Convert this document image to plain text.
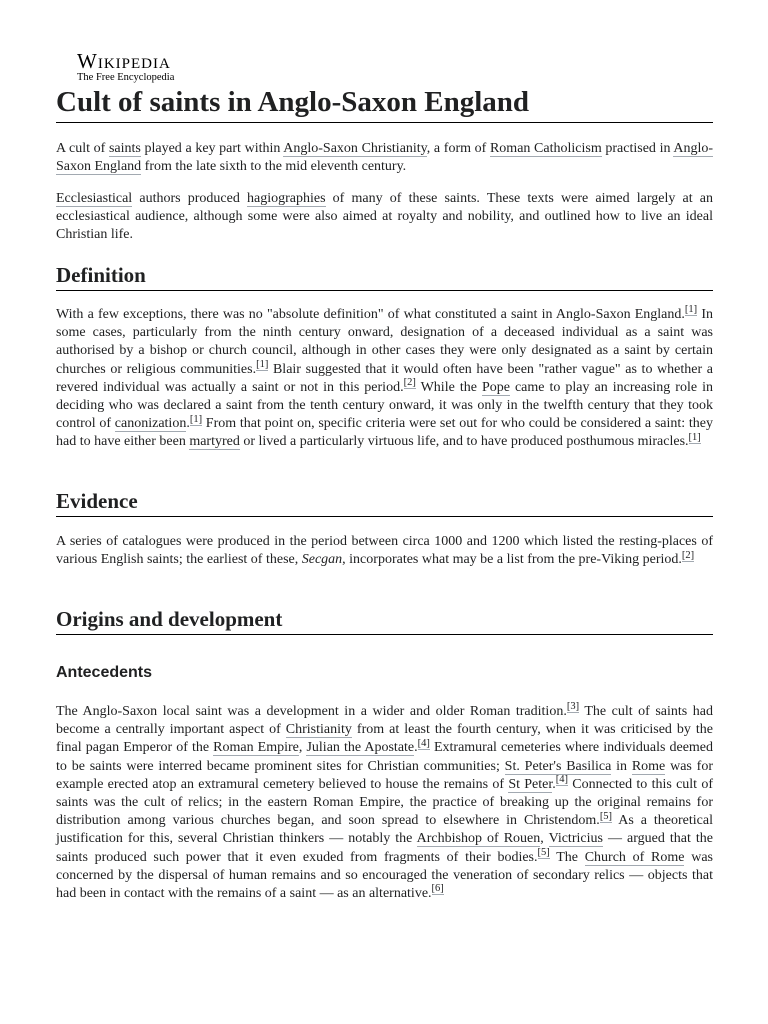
Wikipedia
The Free Encyclopedia
Cult of saints in Anglo-Saxon England

A cult of saints played a key part within Anglo-Saxon Christianity, a form of Roman Catholicism practised in Anglo-Saxon England from the late sixth to the mid eleventh century.

Ecclesiastical authors produced hagiographies of many of these saints. These texts were aimed largely at an ecclesiastical audience, although some were also aimed at royalty and nobility, and outlined how to live an ideal Christian life.

Definition

With a few exceptions, there was no "absolute definition" of what constituted a saint in Anglo-Saxon England.[1] In some cases, particularly from the ninth century onward, designation of a deceased individual as a saint was authorised by a bishop or church council, although in other cases they were only designated as a saint by certain churches or religious communities.[1] Blair suggested that it would often have been "rather vague" as to whether a revered individual was actually a saint or not in this period.[2] While the Pope came to play an increasing role in deciding who was declared a saint from the tenth century onward, it was only in the twelfth century that they took control of canonization.[1] From that point on, specific criteria were set out for who could be considered a saint: they had to have either been martyred or lived a particularly virtuous life, and to have produced posthumous miracles.[1]

Evidence

A series of catalogues were produced in the period between circa 1000 and 1200 which listed the resting-places of various English saints; the earliest of these, Secgan, incorporates what may be a list from the pre-Viking period.[2]

Origins and development
Antecedents

The Anglo-Saxon local saint was a development in a wider and older Roman tradition.[3] The cult of saints had become a centrally important aspect of Christianity from at least the fourth century, when it was criticised by the final pagan Emperor of the Roman Empire, Julian the Apostate.[4] Extramural cemeteries where individuals deemed to be saints were interred became prominent sites for Christian communities; St. Peter's Basilica in Rome was for example erected atop an extramural cemetery believed to house the remains of St Peter.[4] Connected to this cult of saints was the cult of relics; in the eastern Roman Empire, the practice of breaking up the original remains for distribution among various churches began, and soon spread to elsewhere in Christendom.[5] As a theoretical justification for this, several Christian thinkers — notably the Archbishop of Rouen, Victricius — argued that the saints produced such power that it even exuded from fragments of their bodies.[5] The Church of Rome was concerned by the dispersal of human remains and so encouraged the veneration of secondary relics — objects that had been in contact with the remains of a saint — as an alternative.[6]
